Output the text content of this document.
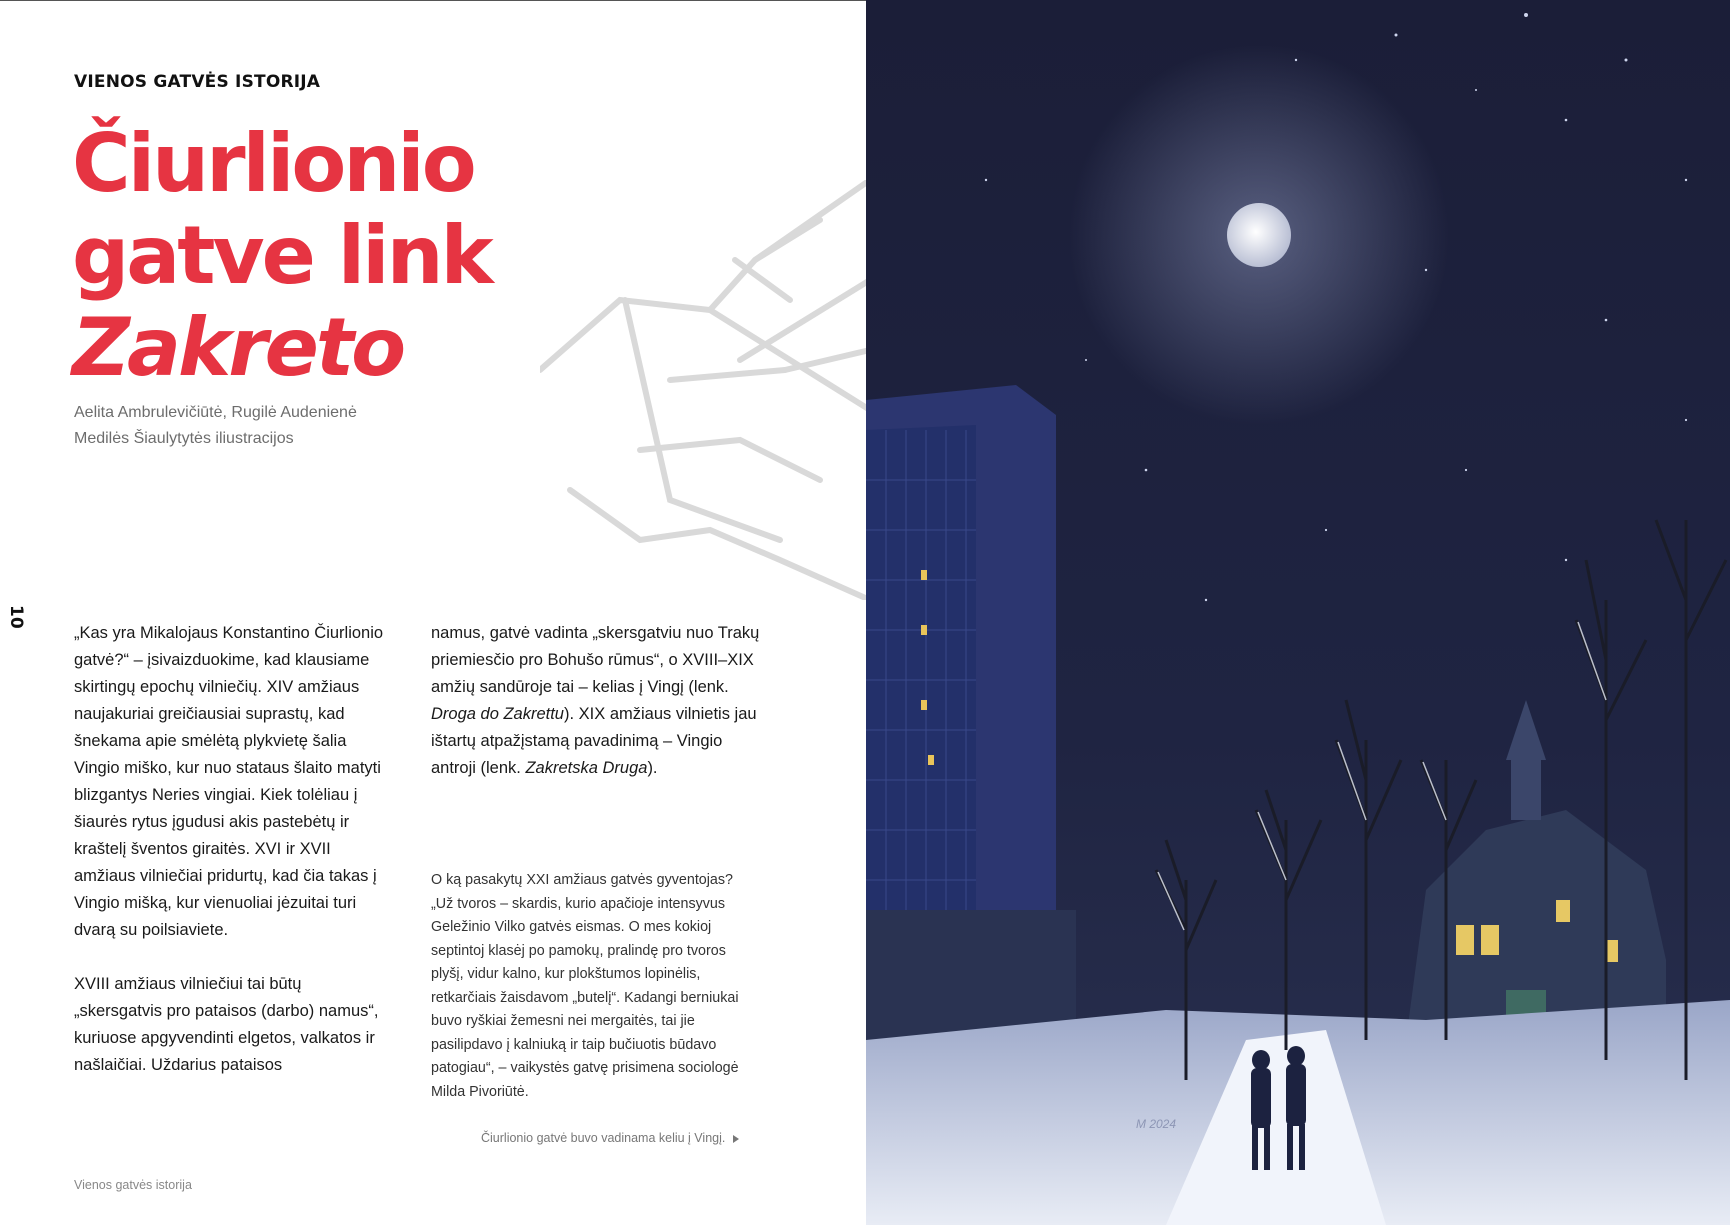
VIENOS GATVĖS ISTORIJA
Čiurlionio
gatve link
Zakreto
Aelita Ambrulevičiūtė, Rugilė Audenienė
Medilės Šiaulytytės iliustracijos
10

„Kas yra Mikalojaus Konstantino Čiurlionio gatvė?“ – įsivaizduokime, kad klausiame skirtingų epochų vilniečių. XIV amžiaus naujakuriai greičiausiai suprastų, kad šnekama apie smėlėtą plykvietę šalia Vingio miško, kur nuo stataus šlaito matyti blizgantys Neries vingiai. Kiek tolėliau į šiaurės rytus įgudusi akis pastebėtų ir kraštelį šventos giraitės. XVI ir XVII amžiaus vilniečiai pridurtų, kad čia takas į Vingio mišką, kur vienuoliai jėzuitai turi dvarą su poilsiaviete.

XVIII amžiaus vilniečiui tai būtų „skersgatvis pro pataisos (darbo) namus“, kuriuose apgyvendinti elgetos, valkatos ir našlaičiai. Uždarius pataisos

namus, gatvė vadinta „skersgatviu nuo Trakų priemiesčio pro Bohušo rūmus“, o XVIII–XIX amžių sandūroje tai – kelias į Vingį (lenk. Droga do Zakrettu). XIX amžiaus vilnietis jau ištartų atpažįstamą pavadinimą – Vingio antroji (lenk. Zakretska Druga).
O ką pasakytų XXI amžiaus gatvės gyventojas? „Už tvoros – skardis, kurio apačioje intensyvus Geležinio Vilko gatvės eismas. O mes kokioj septintoj klasėj po pamokų, pralindę pro tvoros plyšį, vidur kalno, kur plokštumos lopinėlis, retkarčiais žaisdavom „butelį“. Kadangi berniukai buvo ryškiai žemesni nei mergaitės, tai jie pasilipdavo į kalniuką ir taip bučiuotis būdavo patogiau“, – vaikystės gatvę prisimena sociologė Milda Pivoriūtė.
Čiurlionio gatvė buvo vadinama keliu į Vingį.
Vienos gatvės istorija
M 2024
